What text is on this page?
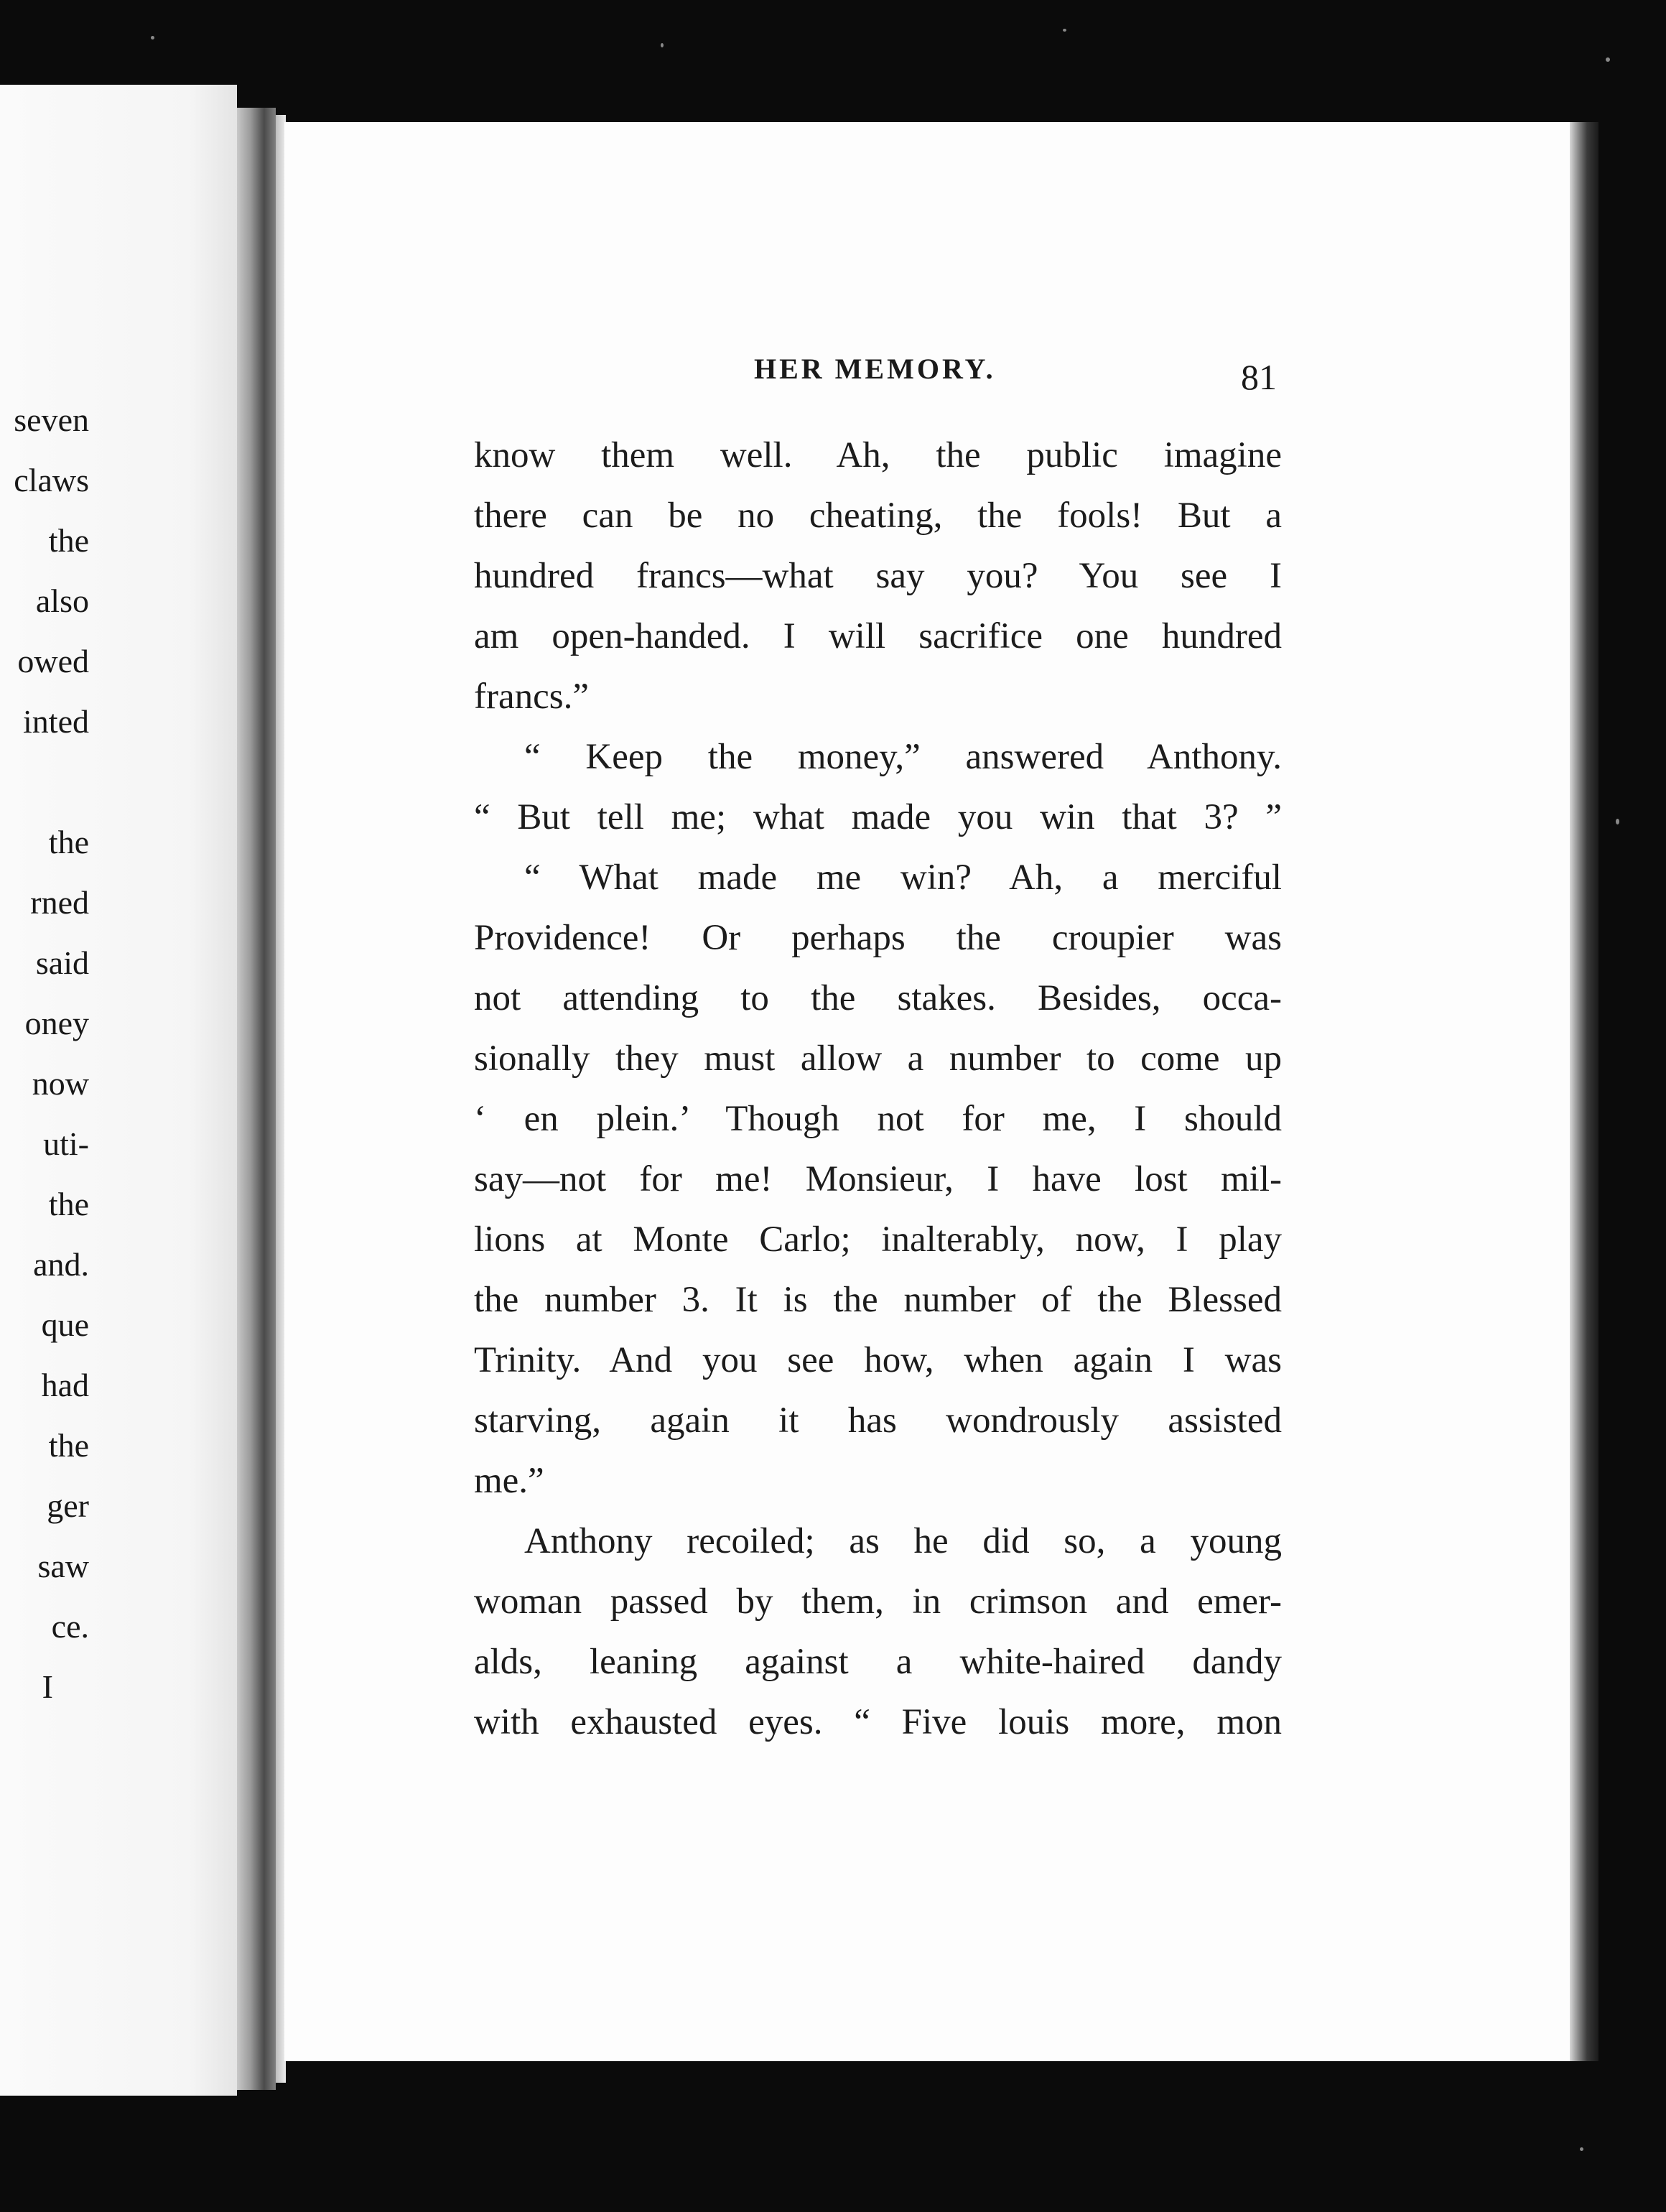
seven
claws
the
also
owed
inted
the
rned
said
oney
now
uti-
the
and.
que
had
the
ger
saw
ce.
I
HER MEMORY.	81
know them well. Ah, the public imagine
there can be no cheating, the fools! But a
hundred francs—what say you? You see I
am open-handed. I will sacrifice one hundred
francs.”
“ Keep the money,” answered Anthony.
“ But tell me; what made you win that 3? ”
“ What made me win? Ah, a merciful
Providence! Or perhaps the croupier was
not attending to the stakes. Besides, occa-
sionally they must allow a number to come up
‘ en plein.’ Though not for me, I should
say—not for me! Monsieur, I have lost mil-
lions at Monte Carlo; inalterably, now, I play
the number 3. It is the number of the Blessed
Trinity. And you see how, when again I was
starving, again it has wondrously assisted
me.”
Anthony recoiled; as he did so, a young
woman passed by them, in crimson and emer-
alds, leaning against a white-haired dandy
with exhausted eyes. “ Five louis more, mon
